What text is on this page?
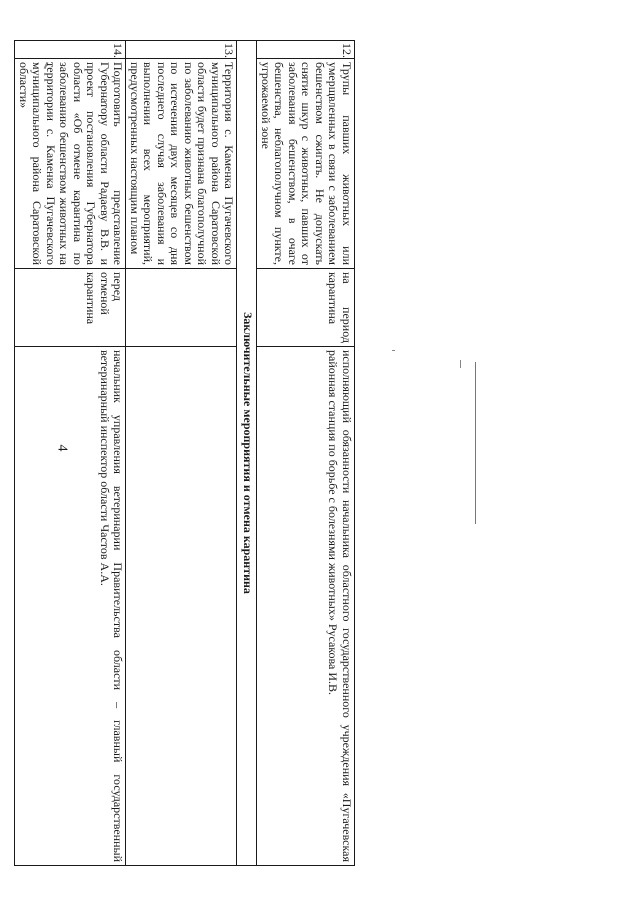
4
12.	Трупы павших животных или умерщвленных в связи с заболеванием бешенством сжигать. Не допускать снятие шкур с животных, павших от заболевания бешенством, в очаге бешенства, неблагополучном пункте, угрожаемой зоне	на период карантина	исполняющий обязанности начальника областного государственного учреждения «Пугачевская районная станция по борьбе с болезнями животных» Русакова И.В.
Заключительные мероприятия и отмена карантина			
13.	Территория с. Каменка Пугачевского муниципального района Саратовской области будет признана благополучной по заболеванию животных бешенством по истечении двух месяцев со дня последнего случая заболевания и выполнении всех мероприятий, предусмотренных настоящим планом		
14.	Подготовить представление Губернатору области Радаеву В.В. и проект постановления Губернатора области «Об отмене карантина по заболеванию бешенством животных на территории с. Каменка Пугачевского муниципального района Саратовской области»	перед отменой карантина	начальник управления ветеринарии Правительства области – главный государственный ветеринарный инспектор области Частов А.А.
